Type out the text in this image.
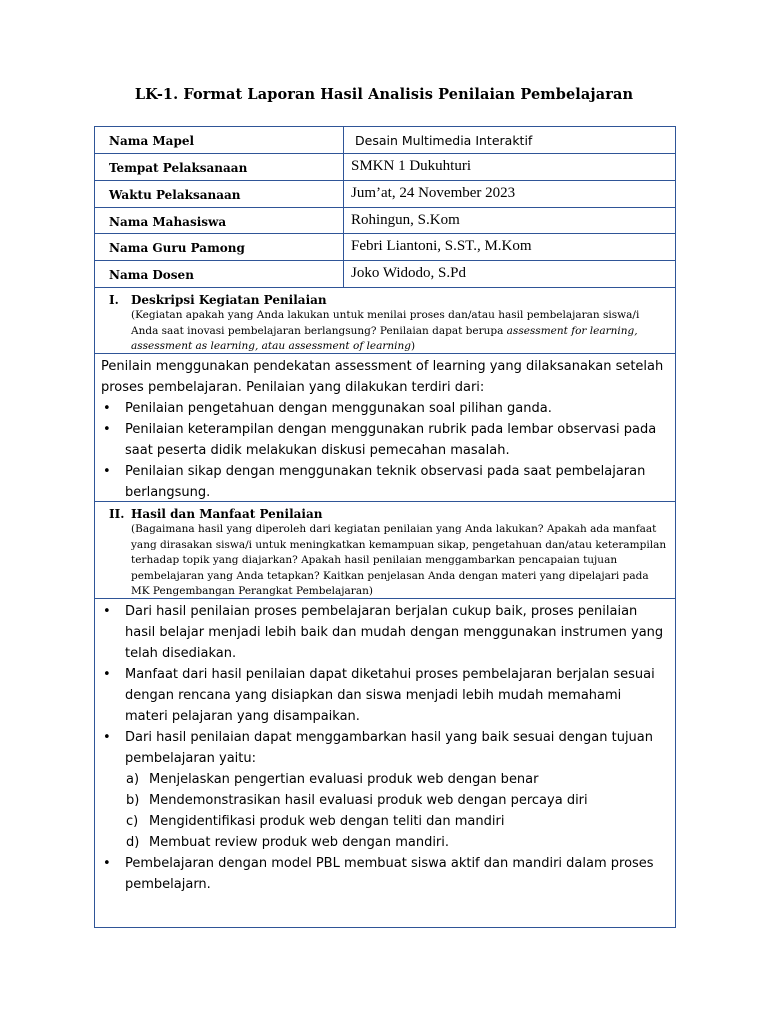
LK-1. Format Laporan Hasil Analisis Penilaian Pembelajaran
Nama Mapel	Desain Multimedia Interaktif
Tempat Pelaksanaan	SMKN 1 Dukuhturi
Waktu Pelaksanaan	Jum’at, 24 November 2023
Nama Mahasiswa	Rohingun, S.Kom
Nama Guru Pamong	Febri Liantoni, S.ST., M.Kom
Nama Dosen	Joko Widodo, S.Pd
I. Deskripsi Kegiatan Penilaian
(Kegiatan apakah yang Anda lakukan untuk menilai proses dan/atau hasil pembelajaran siswa/i Anda saat inovasi pembelajaran berlangsung? Penilaian dapat berupa assessment for learning, assessment as learning, atau assessment of learning)

Penilain menggunakan pendekatan assessment of learning yang dilaksanakan setelah proses pembelajaran. Penilaian yang dilakukan terdiri dari:

• Penilaian pengetahuan dengan menggunakan soal pilihan ganda.

• Penilaian keterampilan dengan menggunakan rubrik pada lembar observasi pada saat peserta didik melakukan diskusi pemecahan masalah.

• Penilaian sikap dengan menggunakan teknik observasi pada saat pembelajaran berlangsung.

II. Hasil dan Manfaat Penilaian
(Bagaimana hasil yang diperoleh dari kegiatan penilaian yang Anda lakukan? Apakah ada manfaat yang dirasakan siswa/i untuk meningkatkan kemampuan sikap, pengetahuan dan/atau keterampilan terhadap topik yang diajarkan? Apakah hasil penilaian menggambarkan pencapaian tujuan pembelajaran yang Anda tetapkan? Kaitkan penjelasan Anda dengan materi yang dipelajari pada MK Pengembangan Perangkat Pembelajaran)

• Dari hasil penilaian proses pembelajaran berjalan cukup baik, proses penilaian hasil belajar menjadi lebih baik dan mudah dengan menggunakan instrumen yang telah disediakan.

• Manfaat dari hasil penilaian dapat diketahui proses pembelajaran berjalan sesuai dengan rencana yang disiapkan dan siswa menjadi lebih mudah memahami materi pelajaran yang disampaikan.

• Dari hasil penilaian dapat menggambarkan hasil yang baik sesuai dengan tujuan pembelajaran yaitu:

a) Menjelaskan pengertian evaluasi produk web dengan benar

b) Mendemonstrasikan hasil evaluasi produk web dengan percaya diri

c) Mengidentifikasi produk web dengan teliti dan mandiri

d) Membuat review produk web dengan mandiri.

• Pembelajaran dengan model PBL membuat siswa aktif dan mandiri dalam proses pembelajarn.
